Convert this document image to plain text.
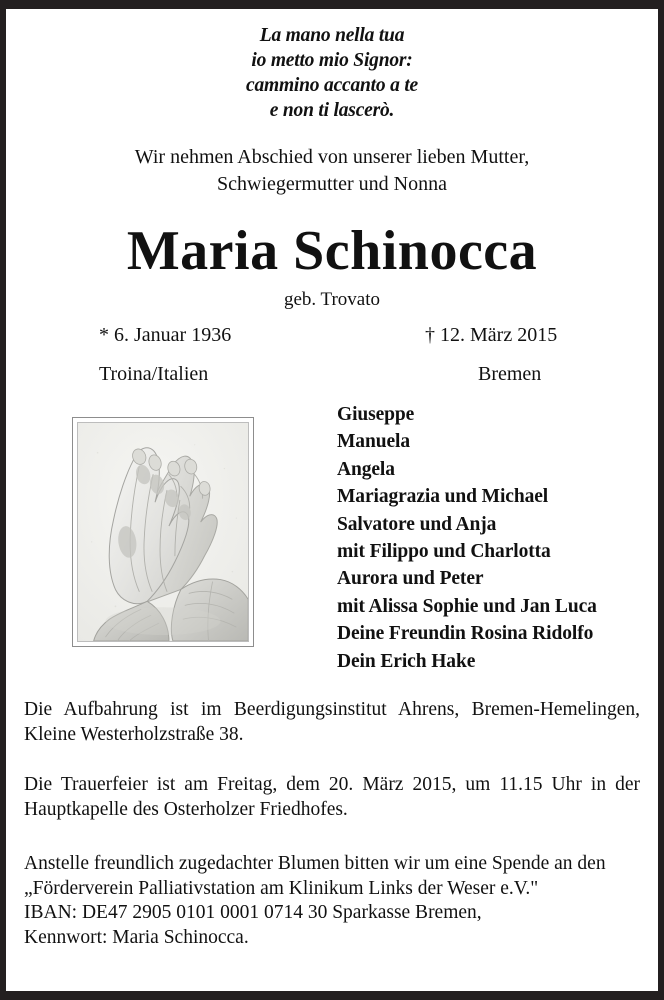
La mano nella tua
io metto mio Signor:
cammino accanto a te
e non ti lascerò.
Wir nehmen Abschied von unserer lieben Mutter,
Schwiegermutter und Nonna
Maria Schinocca
geb. Trovato
* 6. Januar 1936	† 12. März 2015
Troina/Italien	Bremen
Giuseppe
Manuela
Angela
Mariagrazia und Michael
Salvatore und Anja
mit Filippo und Charlotta
Aurora und Peter
mit Alissa Sophie und Jan Luca
Deine Freundin Rosina Ridolfo
Dein Erich Hake
Die Aufbahrung ist im Beerdigungsinstitut Ahrens, Bremen-Hemelingen, Kleine Westerholzstraße 38.
Die Trauerfeier ist am Freitag, dem 20. März 2015, um 11.15 Uhr in der Hauptkapelle des Osterholzer Friedhofes.
Anstelle freundlich zugedachter Blumen bitten wir um eine Spende an den
„Förderverein Palliativstation am Klinikum Links der Weser e.V."
IBAN: DE47 2905 0101 0001 0714 30 Sparkasse Bremen,
Kennwort: Maria Schinocca.
